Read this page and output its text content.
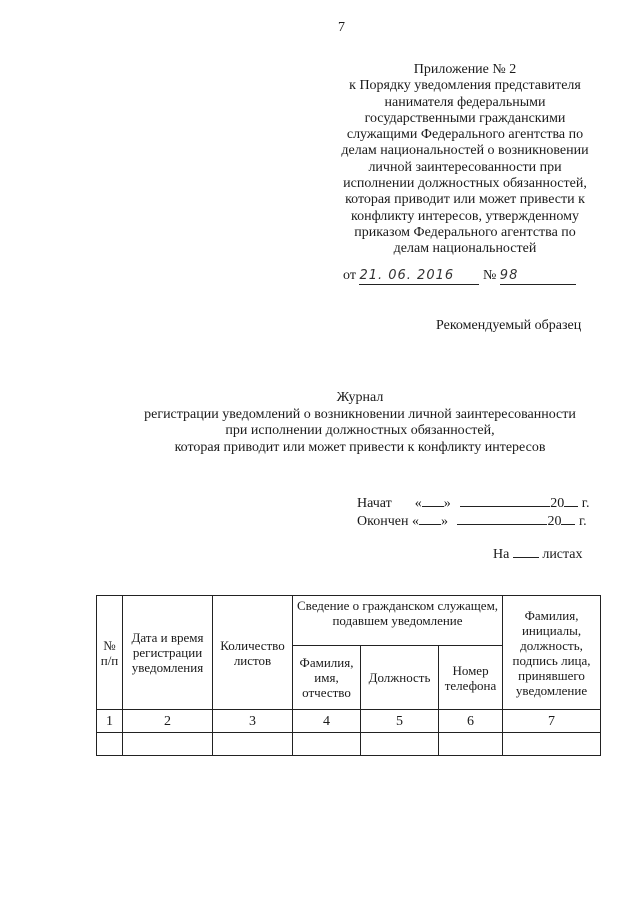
7
Приложение № 2
к Порядку уведомления представителя
нанимателя федеральными
государственными гражданскими
служащими Федерального агентства по
делам национальностей о возникновении
личной заинтересованности при
исполнении должностных обязанностей,
которая приводит или может привести к
конфликту интересов, утвержденному
приказом Федерального агентства по
делам национальностей
от 21. 06. 2016 № 98
Рекомендуемый образец
Журнал
регистрации уведомлений о возникновении личной заинтересованности
при исполнении должностных обязанностей,
которая приводит или может привести к конфликту интересов
Начат « »	20 г.
Окончен « »	20 г.
На листах
№ п/п	Дата и время регистрации уведомления	Количество листов	Сведение о гражданском служащем, подавшем уведомление			Фамилия, инициалы, должность, подпись лица, принявшего уведомление
			Фамилия, имя, отчество	Должность	Номер телефона	
1	2	3	4	5	6	7
